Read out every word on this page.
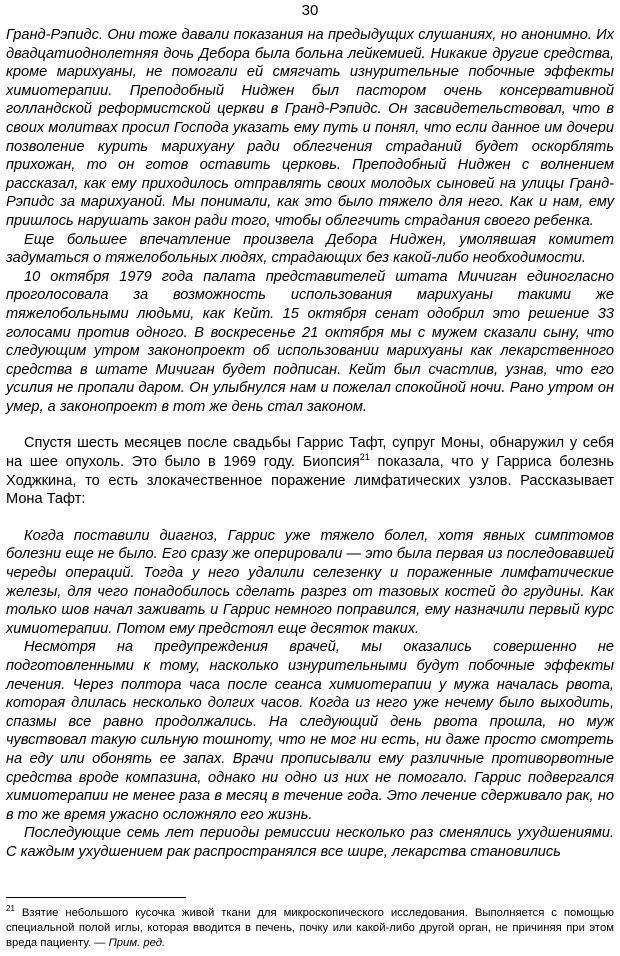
30

Гранд-Рэпидс. Они тоже давали показания на предыдущих слушаниях, но анонимно. Их двадцатиоднолетняя дочь Дебора была больна лейкемией. Никакие другие средства, кроме марихуаны, не помогали ей смягчать изнурительные побочные эффекты химиотерапии. Преподобный Ниджен был пастором очень консервативной голландской реформистской церкви в Гранд-Рэпидс. Он засвидетельствовал, что в своих молитвах просил Господа указать ему путь и понял, что если данное им дочери позволение курить марихуану ради облегчения страданий будет оскорблять прихожан, то он готов оставить церковь. Преподобный Ниджен с волнением рассказал, как ему приходилось отправлять своих молодых сыновей на улицы Гранд-Рэпидс за марихуаной. Мы понимали, как это было тяжело для него. Как и нам, ему пришлось нарушать закон ради того, чтобы облегчить страдания своего ребенка.

Еще большее впечатление произвела Дебора Ниджен, умолявшая комитет задуматься о тяжелобольных людях, страдающих без какой-либо необходимости.

10 октября 1979 года палата представителей штата Мичиган единогласно проголосовала за возможность использования марихуаны такими же тяжелобольными людьми, как Кейт. 15 октября сенат одобрил это решение 33 голосами против одного. В воскресенье 21 октября мы с мужем сказали сыну, что следующим утром законопроект об использовании марихуаны как лекарственного средства в штате Мичиган будет подписан. Кейт был счастлив, узнав, что его усилия не пропали даром. Он улыбнулся нам и пожелал спокойной ночи. Рано утром он умер, а законопроект в тот же день стал законом.

Спустя шесть месяцев после свадьбы Гаррис Тафт, супруг Моны, обнаружил у себя на шее опухоль. Это было в 1969 году. Биопсия$^{21}$ показала, что у Гарриса болезнь Ходжкина, то есть злокачественное поражение лимфатических узлов. Рассказывает Мона Тафт:

Когда поставили диагноз, Гаррис уже тяжело болел, хотя явных симптомов болезни еще не было. Его сразу же оперировали — это была первая из последовавшей череды операций. Тогда у него удалили селезенку и пораженные лимфатические железы, для чего понадобилось сделать разрез от тазовых костей до грудины. Как только шов начал заживать и Гаррис немного поправился, ему назначили первый курс химиотерапии. Потом ему предстоял еще десяток таких.

Несмотря на предупреждения врачей, мы оказались совершенно не подготовленными к тому, насколько изнурительными будут побочные эффекты лечения. Через полтора часа после сеанса химиотерапии у мужа началась рвота, которая длилась несколько долгих часов. Когда из него уже нечему было выходить, спазмы все равно продолжались. На следующий день рвота прошла, но муж чувствовал такую сильную тошноту, что не мог ни есть, ни даже просто смотреть на еду или обонять ее запах. Врачи прописывали ему различные противорвотные средства вроде компазина, однако ни одно из них не помогало. Гаррис подвергался химиотерапии не менее раза в месяц в течение года. Это лечение сдерживало рак, но в то же время ужасно осложняло его жизнь.

Последующие семь лет периоды ремиссии несколько раз сменялись ухудшениями. С каждым ухудшением рак распространялся все шире, лекарства становились

$^{21}$ Взятие небольшого кусочка живой ткани для микроскопического исследования. Выполняется с помощью специальной полой иглы, которая вводится в печень, почку или какой-либо другой орган, не причиняя при этом вреда пациенту. — Прим. ред.
